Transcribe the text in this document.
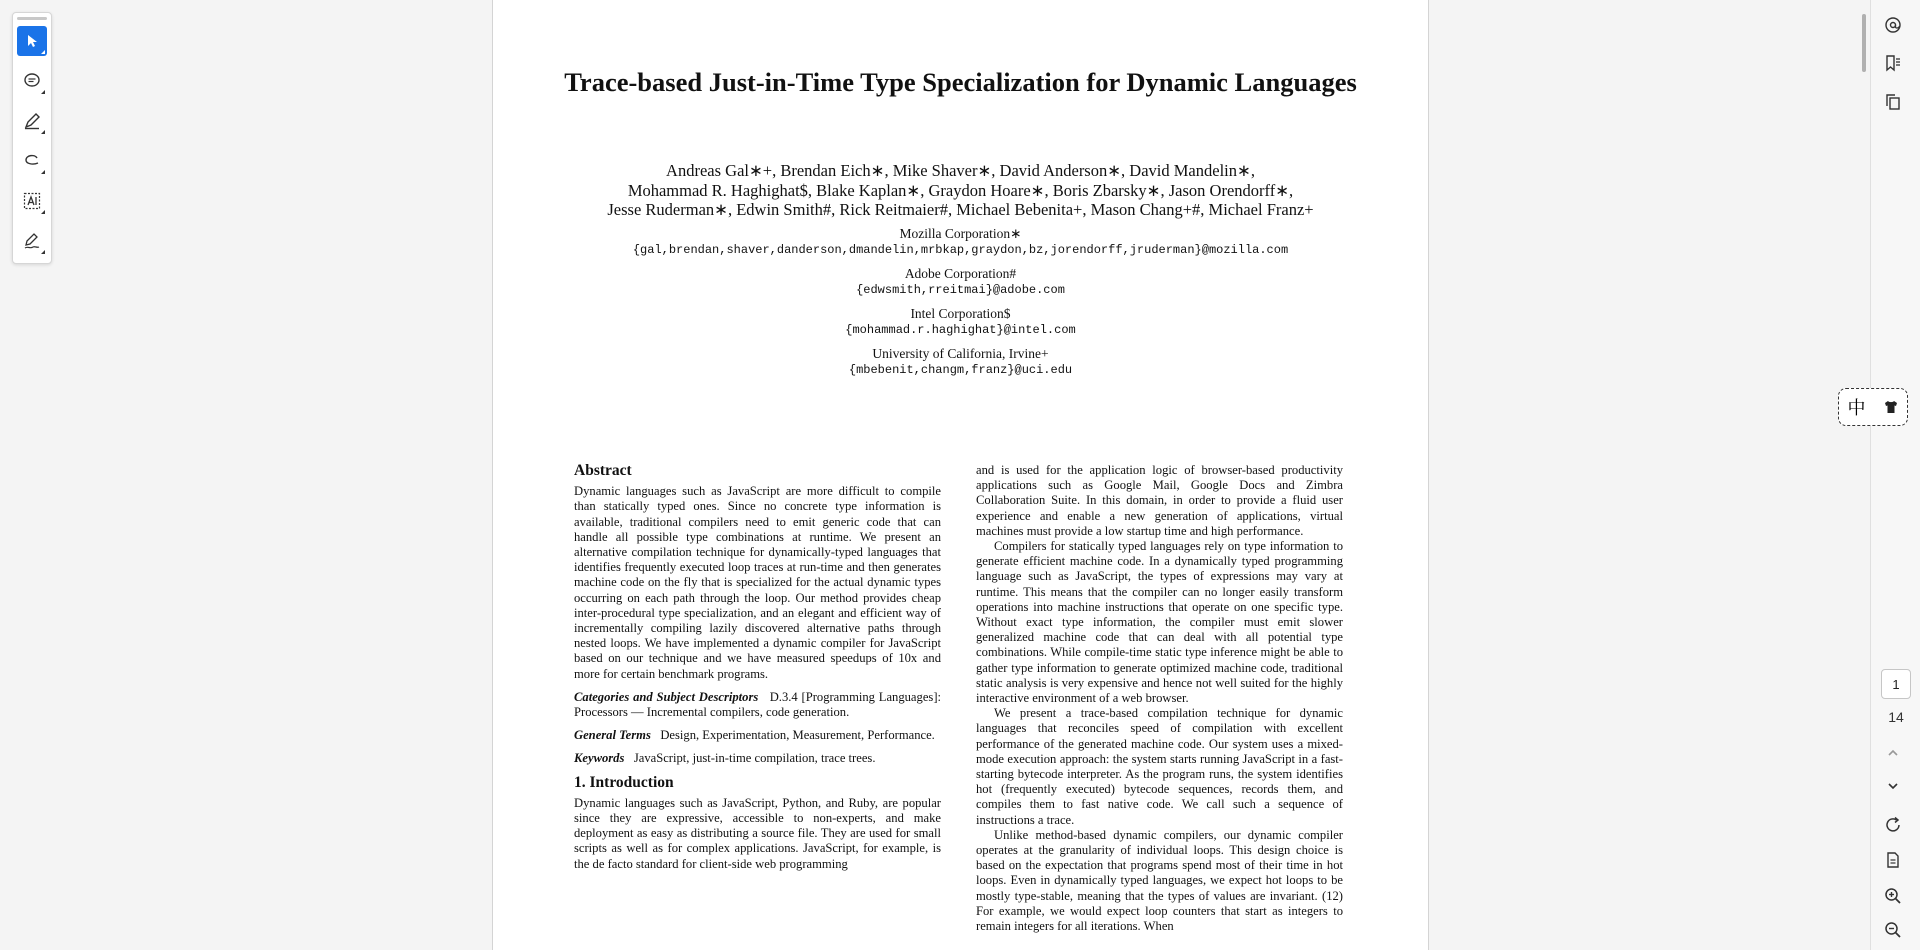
Trace-based Just-in-Time Type Specialization for Dynamic Languages
Andreas Gal∗+, Brendan Eich∗, Mike Shaver∗, David Anderson∗, David Mandelin∗,
Mohammad R. Haghighat$, Blake Kaplan∗, Graydon Hoare∗, Boris Zbarsky∗, Jason Orendorff∗,
Jesse Ruderman∗, Edwin Smith#, Rick Reitmaier#, Michael Bebenita+, Mason Chang+#, Michael Franz+
Mozilla Corporation∗
{gal,brendan,shaver,danderson,dmandelin,mrbkap,graydon,bz,jorendorff,jruderman}@mozilla.com
Adobe Corporation#
{edwsmith,rreitmai}@adobe.com
Intel Corporation$
{mohammad.r.haghighat}@intel.com
University of California, Irvine+
{mbebenit,changm,franz}@uci.edu
Abstract

Dynamic languages such as JavaScript are more difficult to compile than statically typed ones. Since no concrete type information is available, traditional compilers need to emit generic code that can handle all possible type combinations at runtime. We present an alternative compilation technique for dynamically-typed languages that identifies frequently executed loop traces at run-time and then generates machine code on the fly that is specialized for the actual dynamic types occurring on each path through the loop. Our method provides cheap inter-procedural type specialization, and an elegant and efficient way of incrementally compiling lazily discovered alternative paths through nested loops. We have implemented a dynamic compiler for JavaScript based on our technique and we have measured speedups of 10x and more for certain benchmark programs.

Categories and Subject Descriptors D.3.4 [Programming Languages]: Processors — Incremental compilers, code generation.

General Terms Design, Experimentation, Measurement, Performance.

Keywords JavaScript, just-in-time compilation, trace trees.

1. Introduction

Dynamic languages such as JavaScript, Python, and Ruby, are popular since they are expressive, accessible to non-experts, and make deployment as easy as distributing a source file. They are used for small scripts as well as for complex applications. JavaScript, for example, is the de facto standard for client-side web programming

and is used for the application logic of browser-based productivity applications such as Google Mail, Google Docs and Zimbra Collaboration Suite. In this domain, in order to provide a fluid user experience and enable a new generation of applications, virtual machines must provide a low startup time and high performance.

Compilers for statically typed languages rely on type information to generate efficient machine code. In a dynamically typed programming language such as JavaScript, the types of expressions may vary at runtime. This means that the compiler can no longer easily transform operations into machine instructions that operate on one specific type. Without exact type information, the compiler must emit slower generalized machine code that can deal with all potential type combinations. While compile-time static type inference might be able to gather type information to generate optimized machine code, traditional static analysis is very expensive and hence not well suited for the highly interactive environment of a web browser.

We present a trace-based compilation technique for dynamic languages that reconciles speed of compilation with excellent performance of the generated machine code. Our system uses a mixed-mode execution approach: the system starts running JavaScript in a fast-starting bytecode interpreter. As the program runs, the system identifies hot (frequently executed) bytecode sequences, records them, and compiles them to fast native code. We call such a sequence of instructions a trace.

Unlike method-based dynamic compilers, our dynamic compiler operates at the granularity of individual loops. This design choice is based on the expectation that programs spend most of their time in hot loops. Even in dynamically typed languages, we expect hot loops to be mostly type-stable, meaning that the types of values are invariant. (12) For example, we would expect loop counters that start as integers to remain integers for all iterations. When

中
1
14
